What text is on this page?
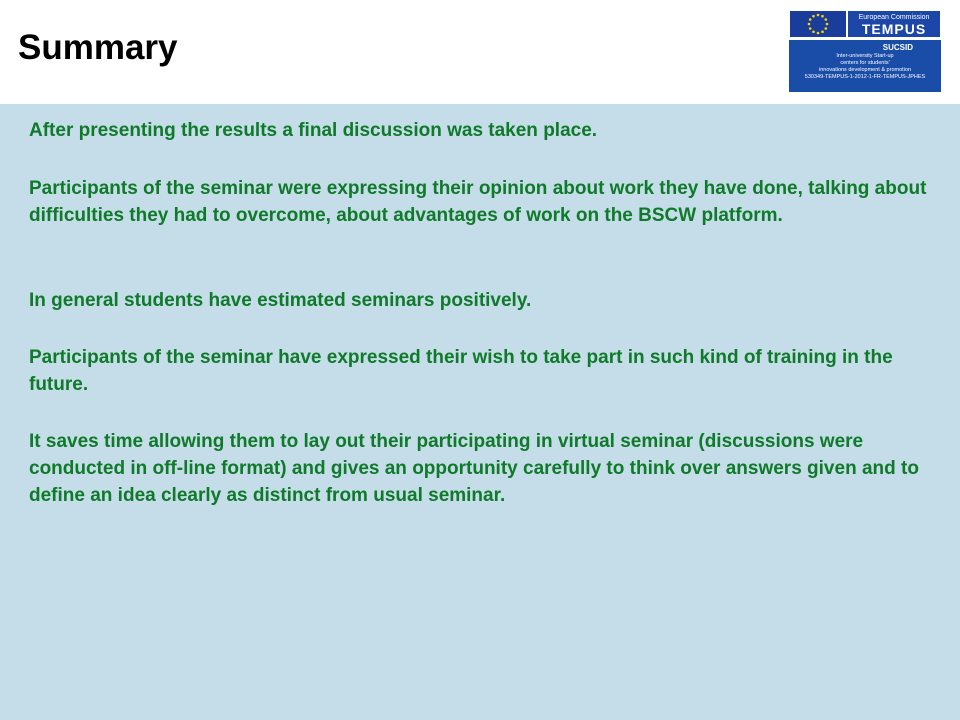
Summary
European Commission
TEMPUS
SUCSID
Inter-university Start-up
centers for students'
innovations development & promotion
530349-TEMPUS-1-2012-1-FR-TEMPUS-JPHES

After presenting the results a final discussion was taken place.

Participants of the seminar were expressing their opinion about work they have done, talking about difficulties they had to overcome, about advantages of work on the BSCW platform.

In general students have estimated seminars positively.

Participants of the seminar have expressed their wish to take part in such kind of training in the future.

It saves time allowing them to lay out their participating in virtual seminar (discussions were conducted in off-line format) and gives an opportunity carefully to think over answers given and to define an idea clearly as distinct from usual seminar.
